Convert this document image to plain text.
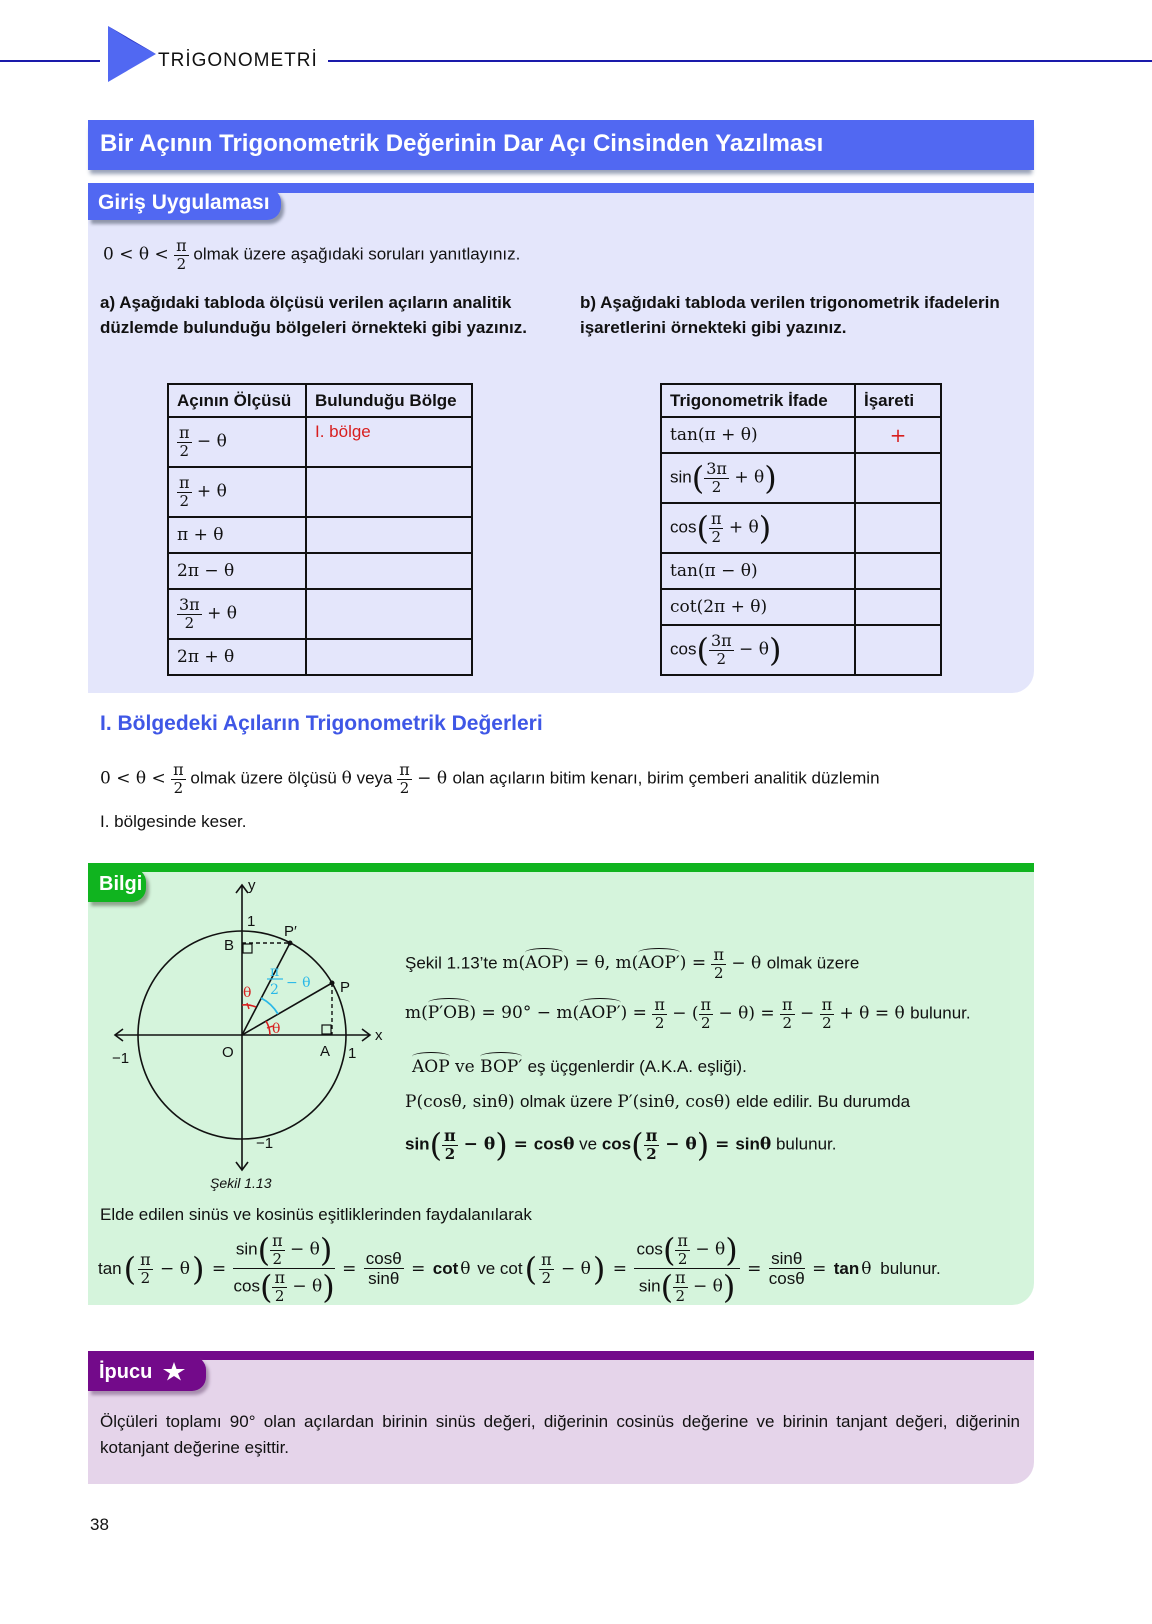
TRİGONOMETRİ
Bir Açının Trigonometrik Değerinin Dar Açı Cinsinden Yazılması
Giriş Uygulaması
$0 < \theta < \frac{\pi}{2}$ olmak üzere aşağıdaki soruları yanıtlayınız.
a) Aşağıdaki tabloda ölçüsü verilen açıların analitik düzlemde bulunduğu bölgeleri örnekteki gibi yazınız.
b) Aşağıdaki tabloda verilen trigonometrik ifadelerin işaretlerini örnekteki gibi yazınız.
Açının Ölçüsü	Bulunduğu Bölge

$\frac{\pi}{2} - \theta$	I. bölge

$\frac{\pi}{2} + \theta$	
π + θ	
2π − θ	

$\frac{3\pi}{2} + \theta$	
2π + θ	
Trigonometrik İfade	İşareti
tan(π + θ)	+
$\sin( \frac{3\pi}{2} + \theta)$	
$\cos( \frac{\pi}{2} + \theta)$	
tan(π − θ)	
cot(2π + θ)	
$\cos( \frac{3\pi}{2} - \theta)$	
I. Bölgedeki Açıların Trigonometrik Değerleri
$0 < \theta < \frac{\pi}{2}$ olmak üzere ölçüsü θ veya $\frac{\pi}{2} - \theta$ olan açıların bitim kenarı, birim çemberi analitik düzlemin
I. bölgesinde keser.
Bilgi	y
x
1
1
−1
−1
B
P′
P
O	A
θ
θ
π
2 − θ
Şekil 1.13
Şekil 1.13’te m(AOP) = θ, $m(AOP') = \frac{\pi}{2} - \theta$ olmak üzere
$m(P'OB) = 90^\circ - m(AOP') = \frac{\pi}{2}$ − ( $\frac{\pi}{2} - \theta) = \frac{\pi}{2} - \frac{\pi}{2} + \theta = \theta$ bulunur.
AOP ve BOP′ eş üçgenlerdir (A.K.A. eşliği).
P(cosθ, sinθ) olmak üzere P′(sinθ, cosθ) elde edilir. Bu durumda
$\sin( \frac{\pi}{2} - \theta) = \cos\theta$ ve $\cos( \frac{\pi}{2} - \theta) = \sin\theta$ bulunur.
Elde edilen sinüs ve kosinüs eşitliklerinden faydalanılarak
tan ( $\frac{\pi}{2} - \theta$ ) = $\frac{\sin( \frac{\pi}{2} - \theta)}{\cos( \frac{\pi}{2} - \theta)} = \frac{\cos\theta}{\sin\theta} = \cot \theta$ ve cot ( $\frac{\pi}{2} - \theta$ ) = $\frac{\cos( \frac{\pi}{2} - \theta)}{\sin( \frac{\pi}{2} - \theta)} = \frac{\sin\theta}{\cos\theta} = \tan \theta$
bulunur.
İpucu
Ölçüleri toplamı 90° olan açılardan birinin sinüs değeri, diğerinin cosinüs değerine ve birinin tanjant değeri, diğerinin kotanjant değerine eşittir.
38
